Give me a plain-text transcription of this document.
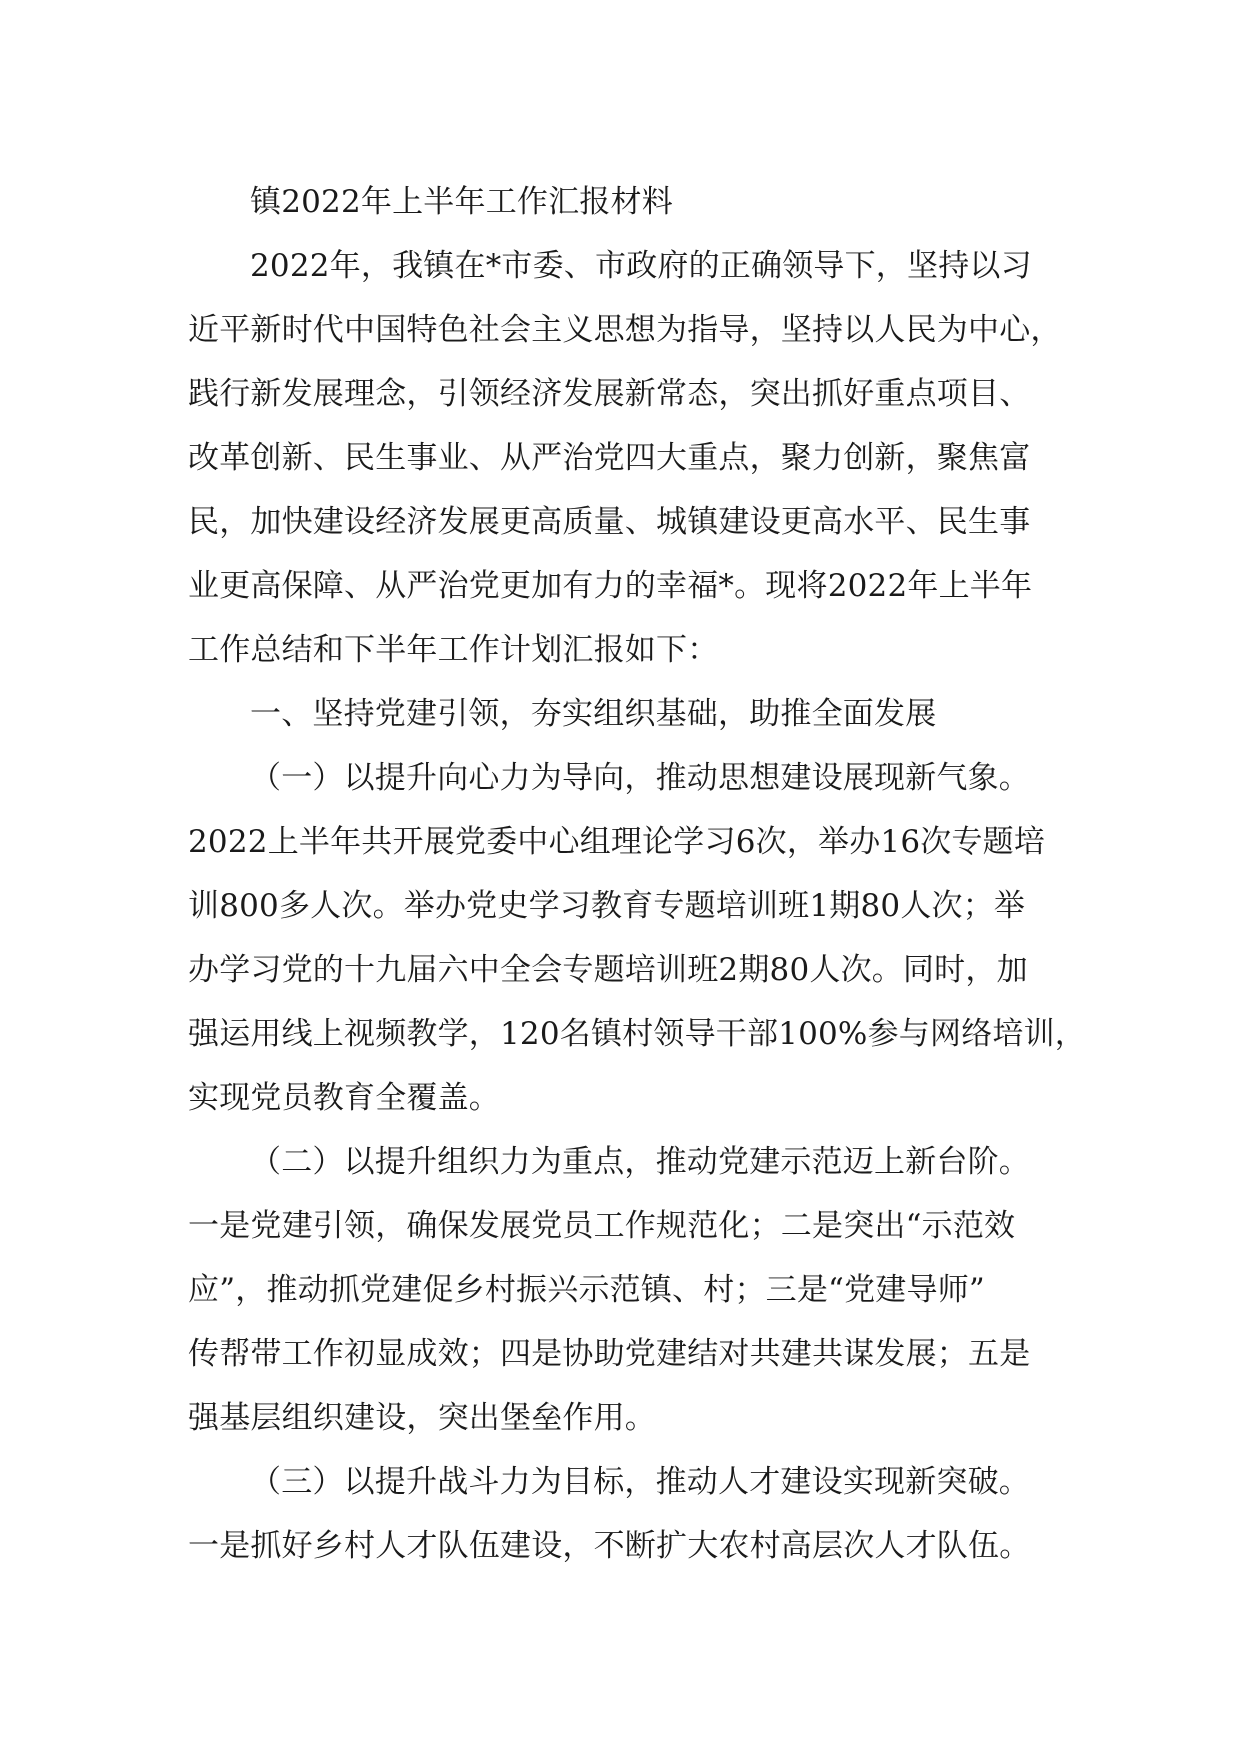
镇2022年上半年工作汇报材料
2022年，我镇在*市委、市政府的正确领导下，坚持以习
近平新时代中国特色社会主义思想为指导，坚持以人民为中心，
践行新发展理念，引领经济发展新常态，突出抓好重点项目、
改革创新、民生事业、从严治党四大重点，聚力创新，聚焦富
民，加快建设经济发展更高质量、城镇建设更高水平、民生事
业更高保障、从严治党更加有力的幸福*。现将2022年上半年
工作总结和下半年工作计划汇报如下：
一、坚持党建引领，夯实组织基础，助推全面发展
（一）以提升向心力为导向，推动思想建设展现新气象。
2022上半年共开展党委中心组理论学习6次，举办16次专题培
训800多人次。举办党史学习教育专题培训班1期80人次；举
办学习党的十九届六中全会专题培训班2期80人次。同时，加
强运用线上视频教学，120名镇村领导干部100%参与网络培训，
实现党员教育全覆盖。
（二）以提升组织力为重点，推动党建示范迈上新台阶。
一是党建引领，确保发展党员工作规范化；二是突出“示范效
应”，推动抓党建促乡村振兴示范镇、村；三是“党建导师”
传帮带工作初显成效；四是协助党建结对共建共谋发展；五是
强基层组织建设，突出堡垒作用。
（三）以提升战斗力为目标，推动人才建设实现新突破。
一是抓好乡村人才队伍建设，不断扩大农村高层次人才队伍。
